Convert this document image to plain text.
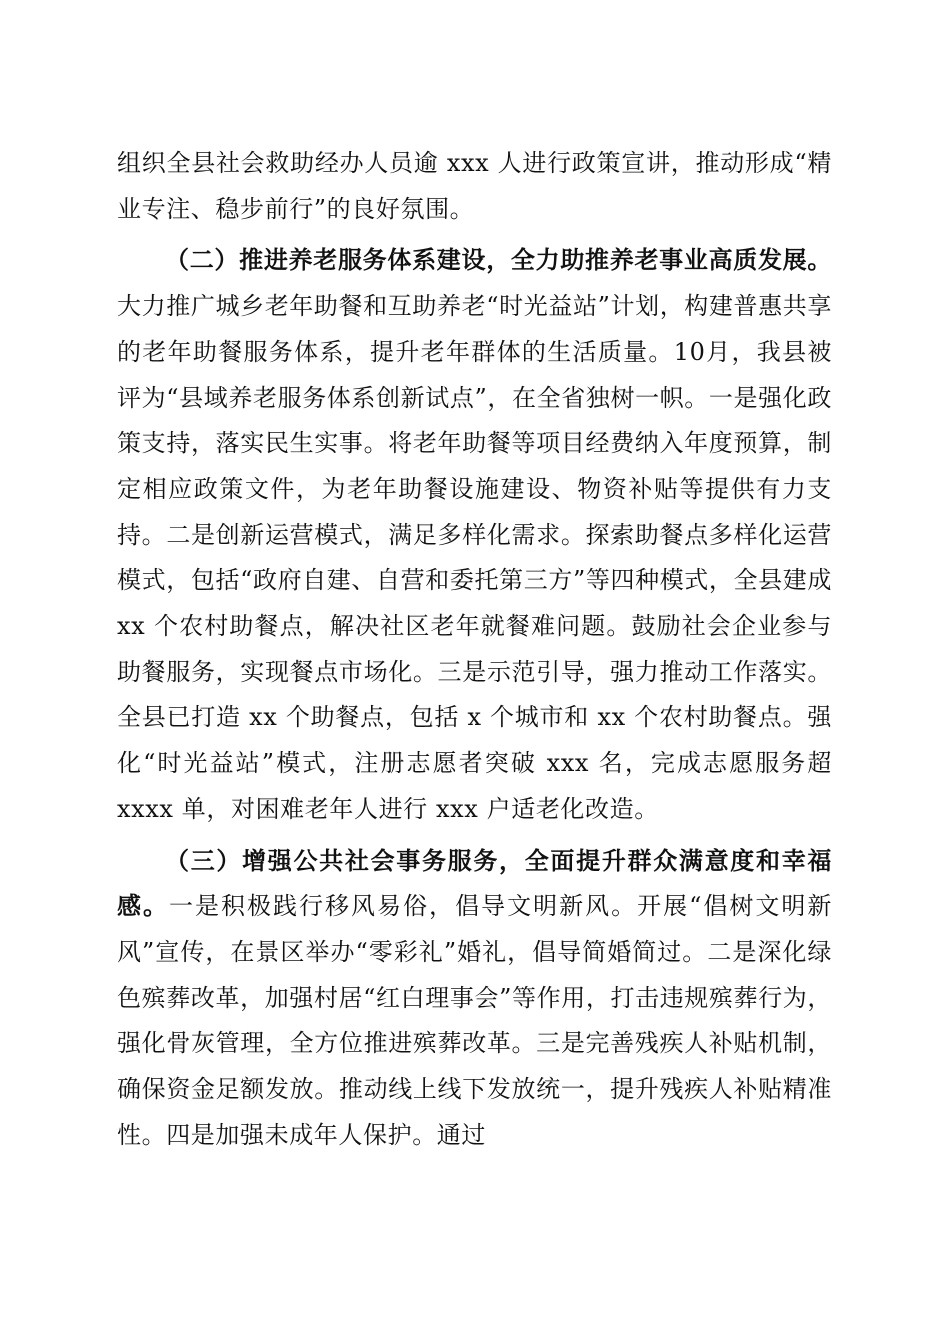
组织全县社会救助经办人员逾 xxx 人进行政策宣讲，推动形成“精业专注、稳步前行”的良好氛围。

（二）推进养老服务体系建设，全力助推养老事业高质发展。大力推广城乡老年助餐和互助养老“时光益站”计划，构建普惠共享的老年助餐服务体系，提升老年群体的生活质量。10月，我县被评为“县域养老服务体系创新试点”，在全省独树一帜。一是强化政策支持，落实民生实事。将老年助餐等项目经费纳入年度预算，制定相应政策文件，为老年助餐设施建设、物资补贴等提供有力支持。二是创新运营模式，满足多样化需求。探索助餐点多样化运营模式，包括“政府自建、自营和委托第三方”等四种模式，全县建成 xx 个农村助餐点，解决社区老年就餐难问题。鼓励社会企业参与助餐服务，实现餐点市场化。三是示范引导，强力推动工作落实。全县已打造 xx 个助餐点，包括 x 个城市和 xx 个农村助餐点。强化“时光益站”模式，注册志愿者突破 xxx 名，完成志愿服务超 xxxx 单，对困难老年人进行 xxx 户适老化改造。

（三）增强公共社会事务服务，全面提升群众满意度和幸福感。一是积极践行移风易俗，倡导文明新风。开展“倡树文明新风”宣传，在景区举办“零彩礼”婚礼，倡导简婚简过。二是深化绿色殡葬改革，加强村居“红白理事会”等作用，打击违规殡葬行为，强化骨灰管理，全方位推进殡葬改革。三是完善残疾人补贴机制，确保资金足额发放。推动线上线下发放统一，提升残疾人补贴精准性。四是加强未成年人保护。通过
